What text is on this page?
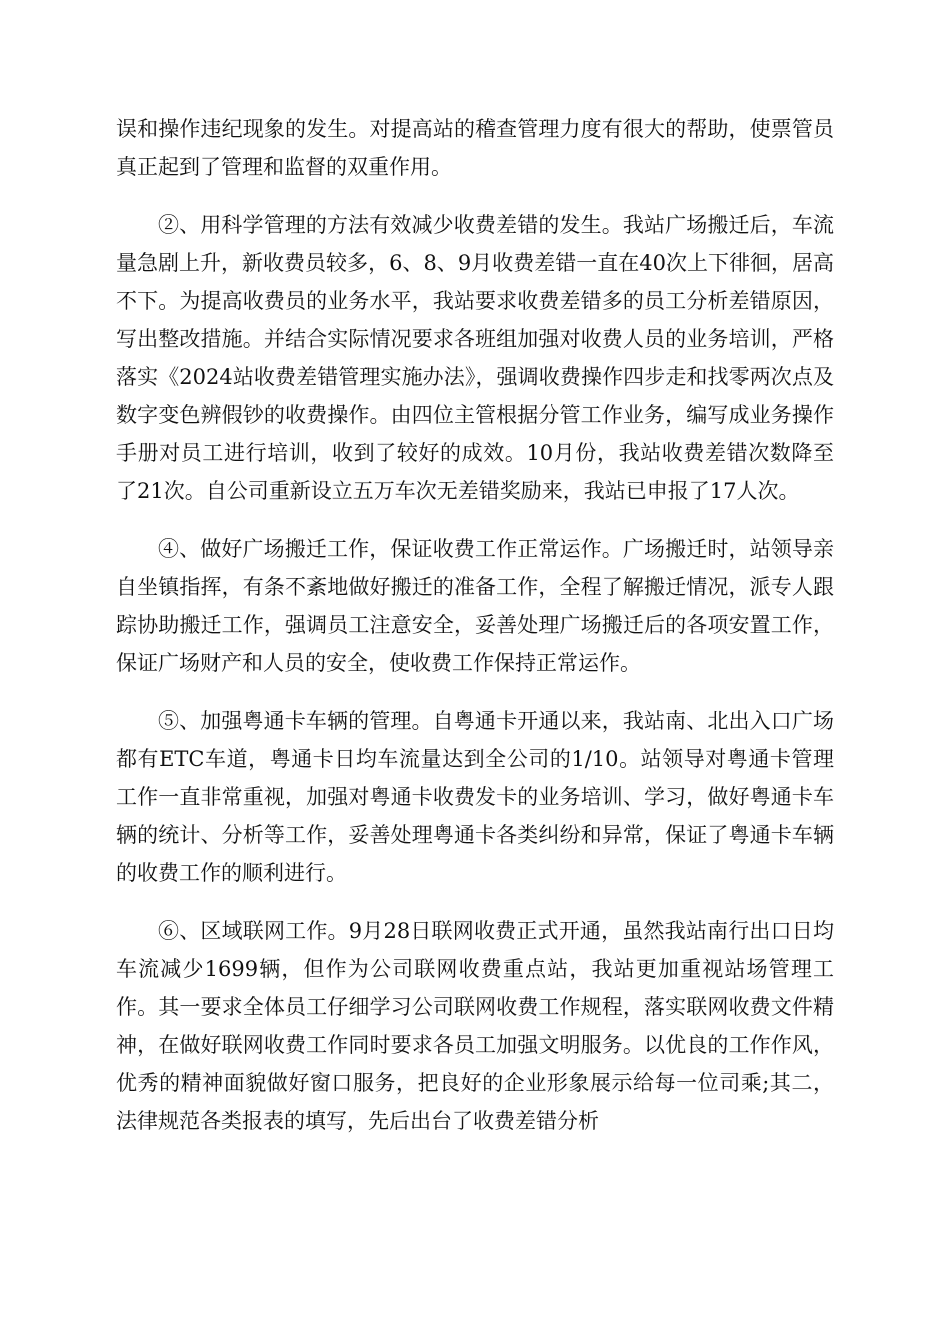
误和操作违纪现象的发生。对提高站的稽查管理力度有很大的帮助，使票管员真正起到了管理和监督的双重作用。

②、用科学管理的方法有效减少收费差错的发生。我站广场搬迁后，车流量急剧上升，新收费员较多，6、8、9月收费差错一直在40次上下徘徊，居高不下。为提高收费员的业务水平，我站要求收费差错多的员工分析差错原因，写出整改措施。并结合实际情况要求各班组加强对收费人员的业务培训，严格落实《2024站收费差错管理实施办法》，强调收费操作四步走和找零两次点及数字变色辨假钞的收费操作。由四位主管根据分管工作业务，编写成业务操作手册对员工进行培训，收到了较好的成效。10月份，我站收费差错次数降至了21次。自公司重新设立五万车次无差错奖励来，我站已申报了17人次。

④、做好广场搬迁工作，保证收费工作正常运作。广场搬迁时，站领导亲自坐镇指挥，有条不紊地做好搬迁的准备工作，全程了解搬迁情况，派专人跟踪协助搬迁工作，强调员工注意安全，妥善处理广场搬迁后的各项安置工作，保证广场财产和人员的安全，使收费工作保持正常运作。

⑤、加强粤通卡车辆的管理。自粤通卡开通以来，我站南、北出入口广场都有ETC车道，粤通卡日均车流量达到全公司的1/10。站领导对粤通卡管理工作一直非常重视，加强对粤通卡收费发卡的业务培训、学习，做好粤通卡车辆的统计、分析等工作，妥善处理粤通卡各类纠纷和异常，保证了粤通卡车辆的收费工作的顺利进行。

⑥、区域联网工作。9月28日联网收费正式开通，虽然我站南行出口日均车流减少1699辆，但作为公司联网收费重点站，我站更加重视站场管理工作。其一要求全体员工仔细学习公司联网收费工作规程，落实联网收费文件精神，在做好联网收费工作同时要求各员工加强文明服务。以优良的工作作风，优秀的精神面貌做好窗口服务，把良好的企业形象展示给每一位司乘;其二，法律规范各类报表的填写，先后出台了收费差错分析
